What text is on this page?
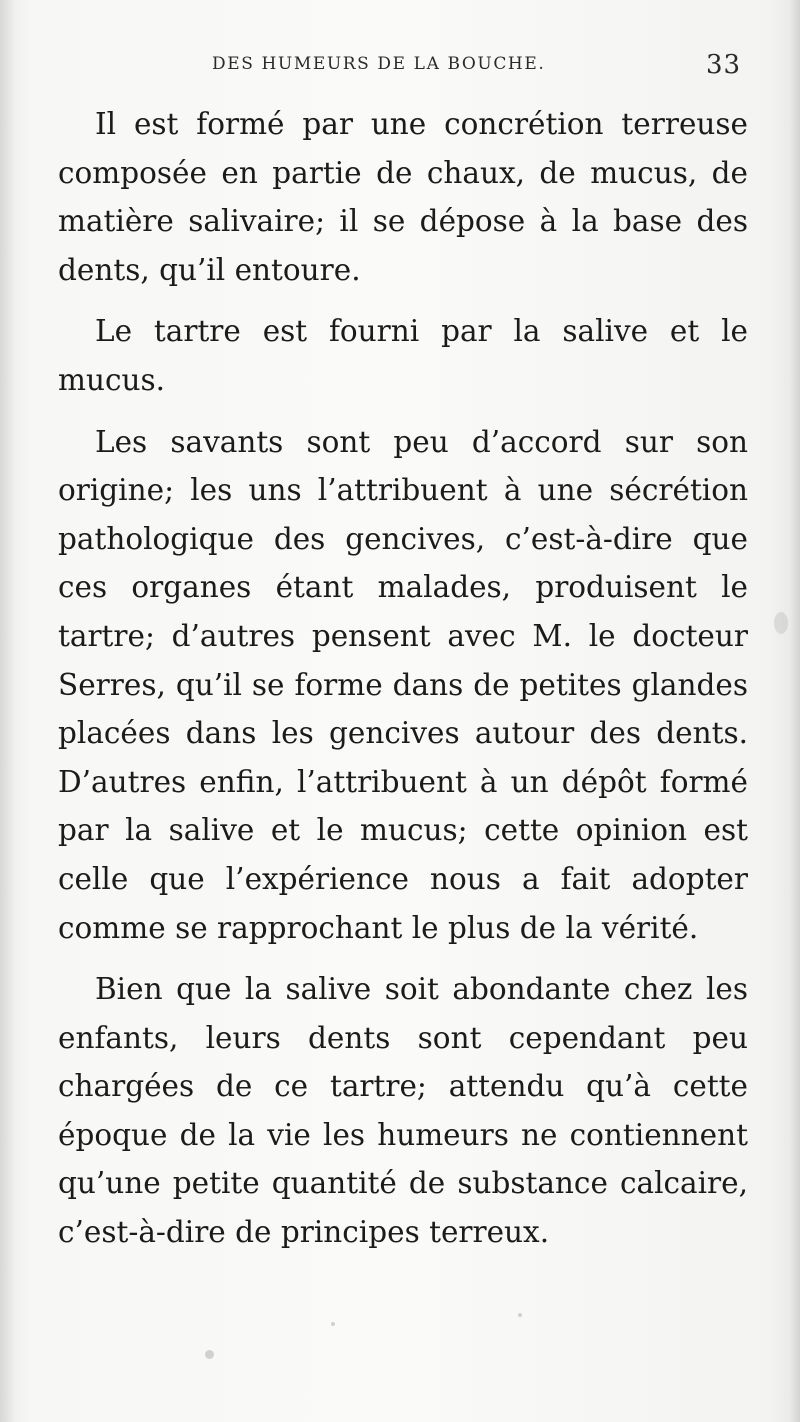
DES HUMEURS DE LA BOUCHE.	33

Il est formé par une concrétion terreuse composée en partie de chaux, de mucus, de matière salivaire; il se dépose à la base des dents, qu’il entoure.

Le tartre est fourni par la salive et le mucus.

Les savants sont peu d’accord sur son origine; les uns l’attribuent à une sécrétion pathologique des gencives, c’est-à-dire que ces organes étant malades, produisent le tartre; d’autres pensent avec M. le docteur Serres, qu’il se forme dans de petites glandes placées dans les gencives autour des dents. D’autres enfin, l’attribuent à un dépôt formé par la salive et le mucus; cette opinion est celle que l’expérience nous a fait adopter comme se rapprochant le plus de la vérité.

Bien que la salive soit abondante chez les enfants, leurs dents sont cependant peu chargées de ce tartre; attendu qu’à cette époque de la vie les humeurs ne contiennent qu’une petite quantité de substance calcaire, c’est-à-dire de principes terreux.
